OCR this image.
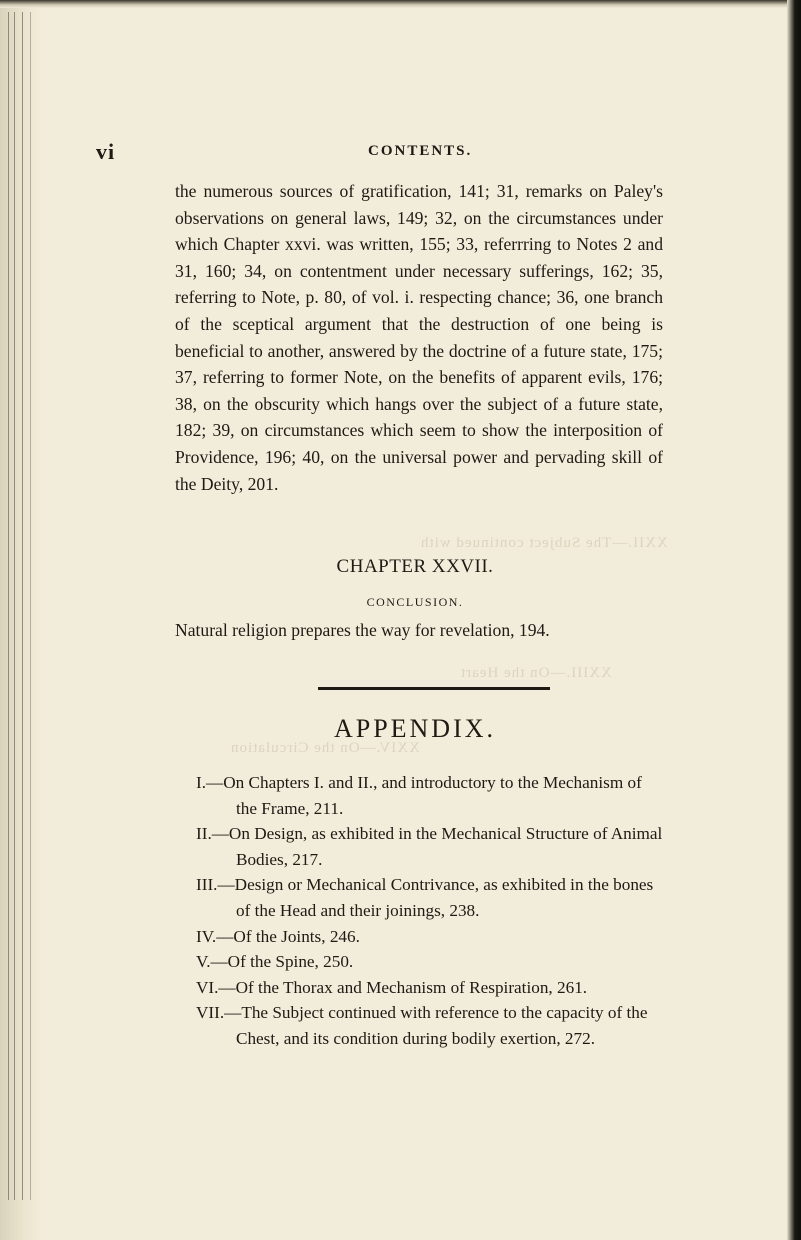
XXII.—The Subject continued with
XXIII.—On the Heart
XXIV.—On the Circulation
vi	CONTENTS.

the numerous sources of gratification, 141; 31, remarks on Paley's observations on general laws, 149; 32, on the circumstances under which Chapter xxvi. was written, 155; 33, referrring to Notes 2 and 31, 160; 34, on contentment under necessary sufferings, 162; 35, referring to Note, p. 80, of vol. i. respecting chance; 36, one branch of the sceptical argument that the destruction of one being is beneficial to another, answered by the doctrine of a future state, 175; 37, referring to former Note, on the benefits of apparent evils, 176; 38, on the obscurity which hangs over the subject of a future state, 182; 39, on circumstances which seem to show the interposition of Providence, 196; 40, on the universal power and pervading skill of the Deity, 201.

CHAPTER XXVII.
CONCLUSION.
Natural religion prepares the way for revelation, 194.
APPENDIX.
I.—On Chapters I. and II., and introductory to the Mechanism of the Frame, 211.
II.—On Design, as exhibited in the Mechanical Structure of Animal Bodies, 217.
III.—Design or Mechanical Contrivance, as exhibited in the bones of the Head and their joinings, 238.
IV.—Of the Joints, 246.
V.—Of the Spine, 250.
VI.—Of the Thorax and Mechanism of Respiration, 261.
VII.—The Subject continued with reference to the capacity of the Chest, and its condition during bodily exertion, 272.
